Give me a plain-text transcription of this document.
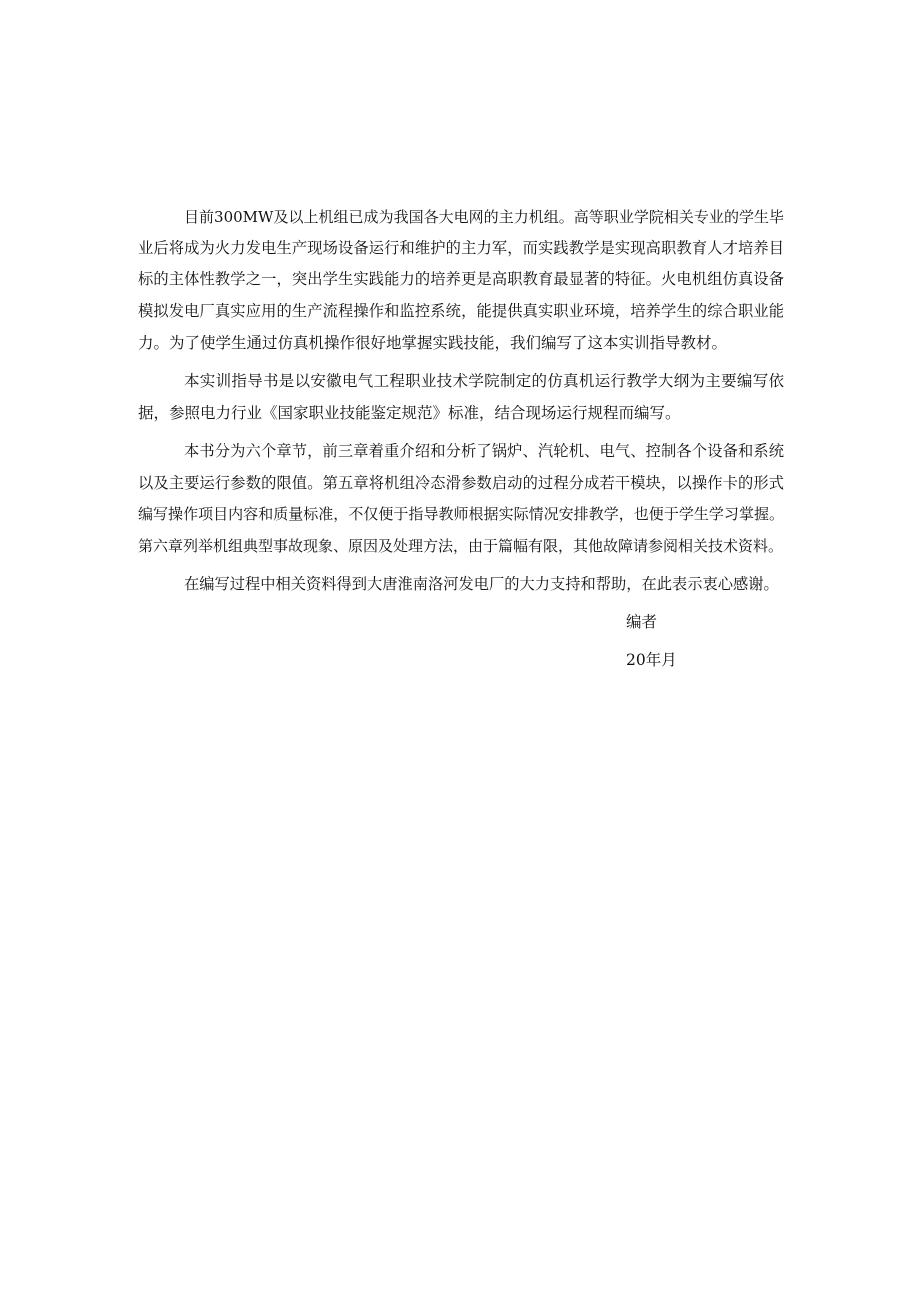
目前300MW及以上机组已成为我国各大电网的主力机组。高等职业学院相关专业的学生毕
业后将成为火力发电生产现场设备运行和维护的主力军，而实践教学是实现高职教育人才培养目
标的主体性教学之一，突出学生实践能力的培养更是高职教育最显著的特征。火电机组仿真设备
模拟发电厂真实应用的生产流程操作和监控系统，能提供真实职业环境，培养学生的综合职业能
力。为了使学生通过仿真机操作很好地掌握实践技能，我们编写了这本实训指导教材。
本实训指导书是以安徽电气工程职业技术学院制定的仿真机运行教学大纲为主要编写依
据，参照电力行业《国家职业技能鉴定规范》标准，结合现场运行规程而编写。
本书分为六个章节，前三章着重介绍和分析了锅炉、汽轮机、电气、控制各个设备和系统
以及主要运行参数的限值。第五章将机组冷态滑参数启动的过程分成若干模块，以操作卡的形式
编写操作项目内容和质量标准，不仅便于指导教师根据实际情况安排教学，也便于学生学习掌握。
第六章列举机组典型事故现象、原因及处理方法，由于篇幅有限，其他故障请参阅相关技术资料。
在编写过程中相关资料得到大唐淮南洛河发电厂的大力支持和帮助，在此表示衷心感谢。
编者
20年月
